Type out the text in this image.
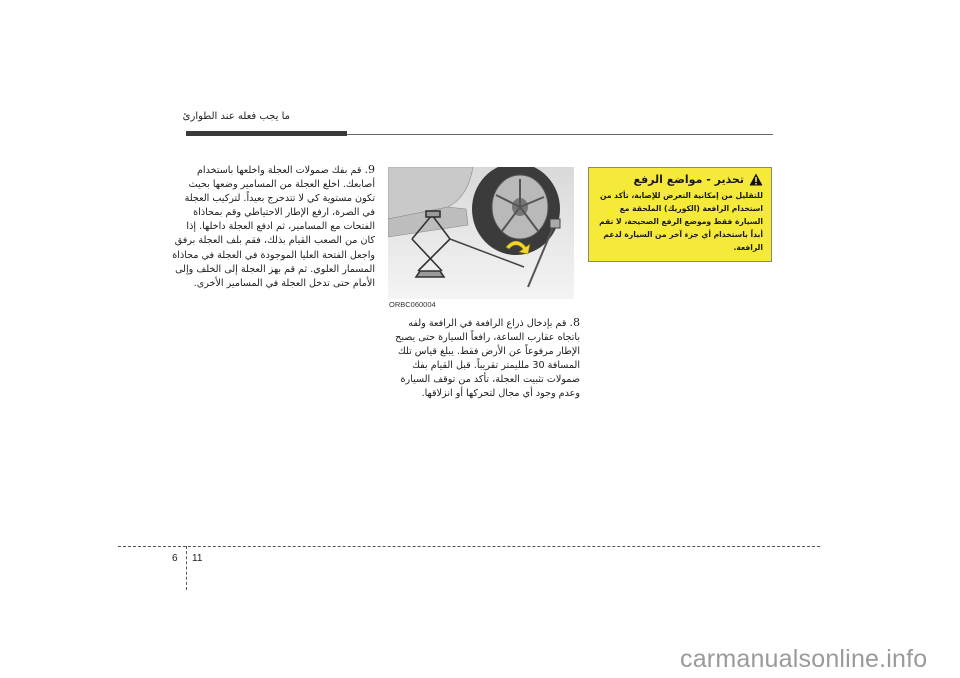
ما يجب فعله عند الطوارئ
9. قم بفك صمولات العجلة واخلعها باستخدام أصابعك. اخلع العجلة من المسامير وضعها بحيث تكون مستوية كي لا تتدحرج بعيداً. لتركيب العجلة في الصرة، ارفع الإطار الاحتياطي وقم بمحاذاة الفتحات مع المسامير، ثم ادفع العجلة داخلها. إذا كان من الصعب القيام بذلك، فقم بلف العجلة برفق واجعل الفتحة العليا الموجودة في العجلة في محاذاة المسمار العلوي. ثم قم بهز العجلة إلى الخلف وإلى الأمام حتى تدخل العجلة في المسامير الأخرى.
ORBC060004
8. قم بإدخال ذراع الرافعة في الرافعة ولفه باتجاه عقارب الساعة، رافعاً السيارة حتى يصبح الإطار مرفوعاً عن الأرض فقط. يبلغ قياس تلك المسافة 30 ملليمتر تقريباً. قبل القيام بفك صمولات تثبيت العجلة، تأكد من توقف السيارة وعدم وجود أي مجال لتحركها أو انزلاقها.
تحذير - مواضع الرفع
للتقليل من إمكانية التعرض للإصابة، تأكد من استخدام الرافعة (الكوريك) الملحقة مع السيارة فقط وموضع الرفع الصحيحة، لا تقم أبداً باستخدام أي جزء آخر من السيارة لدعم الرافعة.
6 11
carmanualsonline.info
